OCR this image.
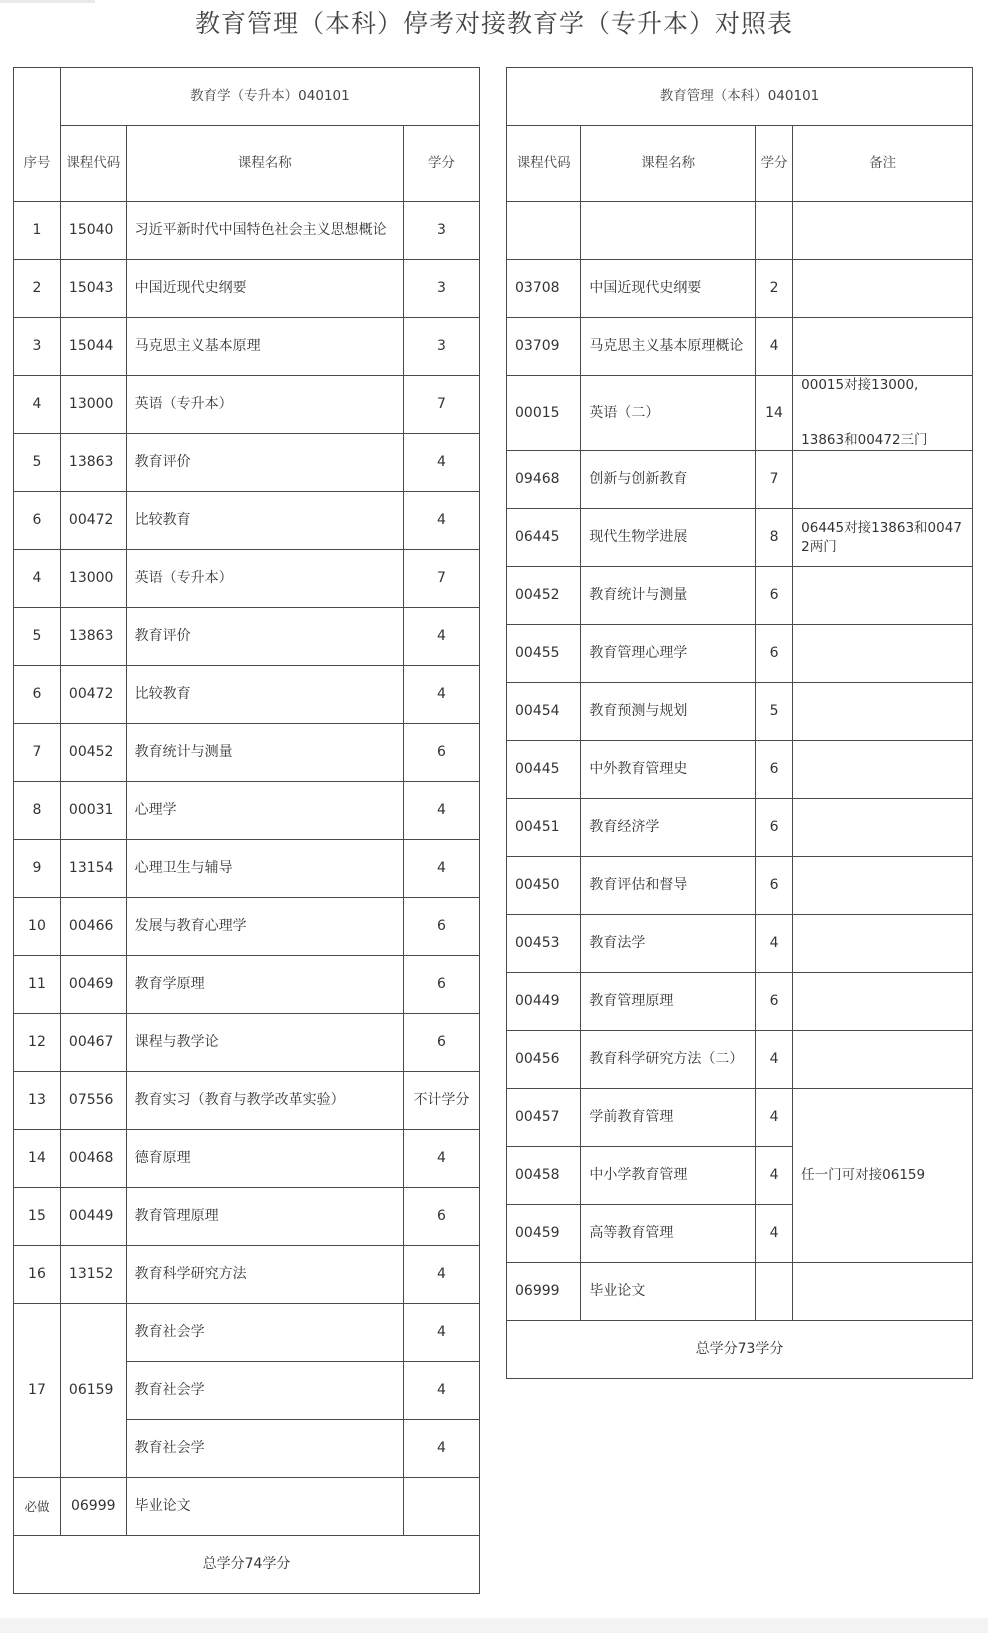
教育管理（本科）停考对接教育学（专升本）对照表
序号	教育学（专升本）040101		
	课程代码	课程名称	学分
1	15040	习近平新时代中国特色社会主义思想概论	3
2	15043	中国近现代史纲要	3
3	15044	马克思主义基本原理	3
4	13000	英语（专升本）	7
5	13863	教育评价	4
6	00472	比较教育	4
4	13000	英语（专升本）	7
5	13863	教育评价	4
6	00472	比较教育	4
7	00452	教育统计与测量	6
8	00031	心理学	4
9	13154	心理卫生与辅导	4
10	00466	发展与教育心理学	6
11	00469	教育学原理	6
12	00467	课程与教学论	6
13	07556	教育实习（教育与教学改革实验）	不计学分
14	00468	德育原理	4
15	00449	教育管理原理	6
16	13152	教育科学研究方法	4
17	06159	教育社会学	4
		教育社会学	4
		教育社会学	4
必做	06999	毕业论文	
总学分74学分			
教育管理（本科）040101			
课程代码	课程名称	学分	备注

03708	中国近现代史纲要	2	
03709	马克思主义基本原理概论	4	
00015	英语（二）	14	00015对接13000,
13863和00472三门

09468	创新与创新教育	7	
06445	现代生物学进展	8	06445对接13863和00472两门

00452	教育统计与测量	6	
00455	教育管理心理学	6	
00454	教育预测与规划	5	
00445	中外教育管理史	6	
00451	教育经济学	6	
00450	教育评估和督导	6	

00453	教育法学	4	
00449	教育管理原理	6	
00456	教育科学研究方法（二）	4	
00457	学前教育管理	4	任一门可对接06159
00458	中小学教育管理	4	
00459	高等教育管理	4	
06999	毕业论文		
总学分73学分			
